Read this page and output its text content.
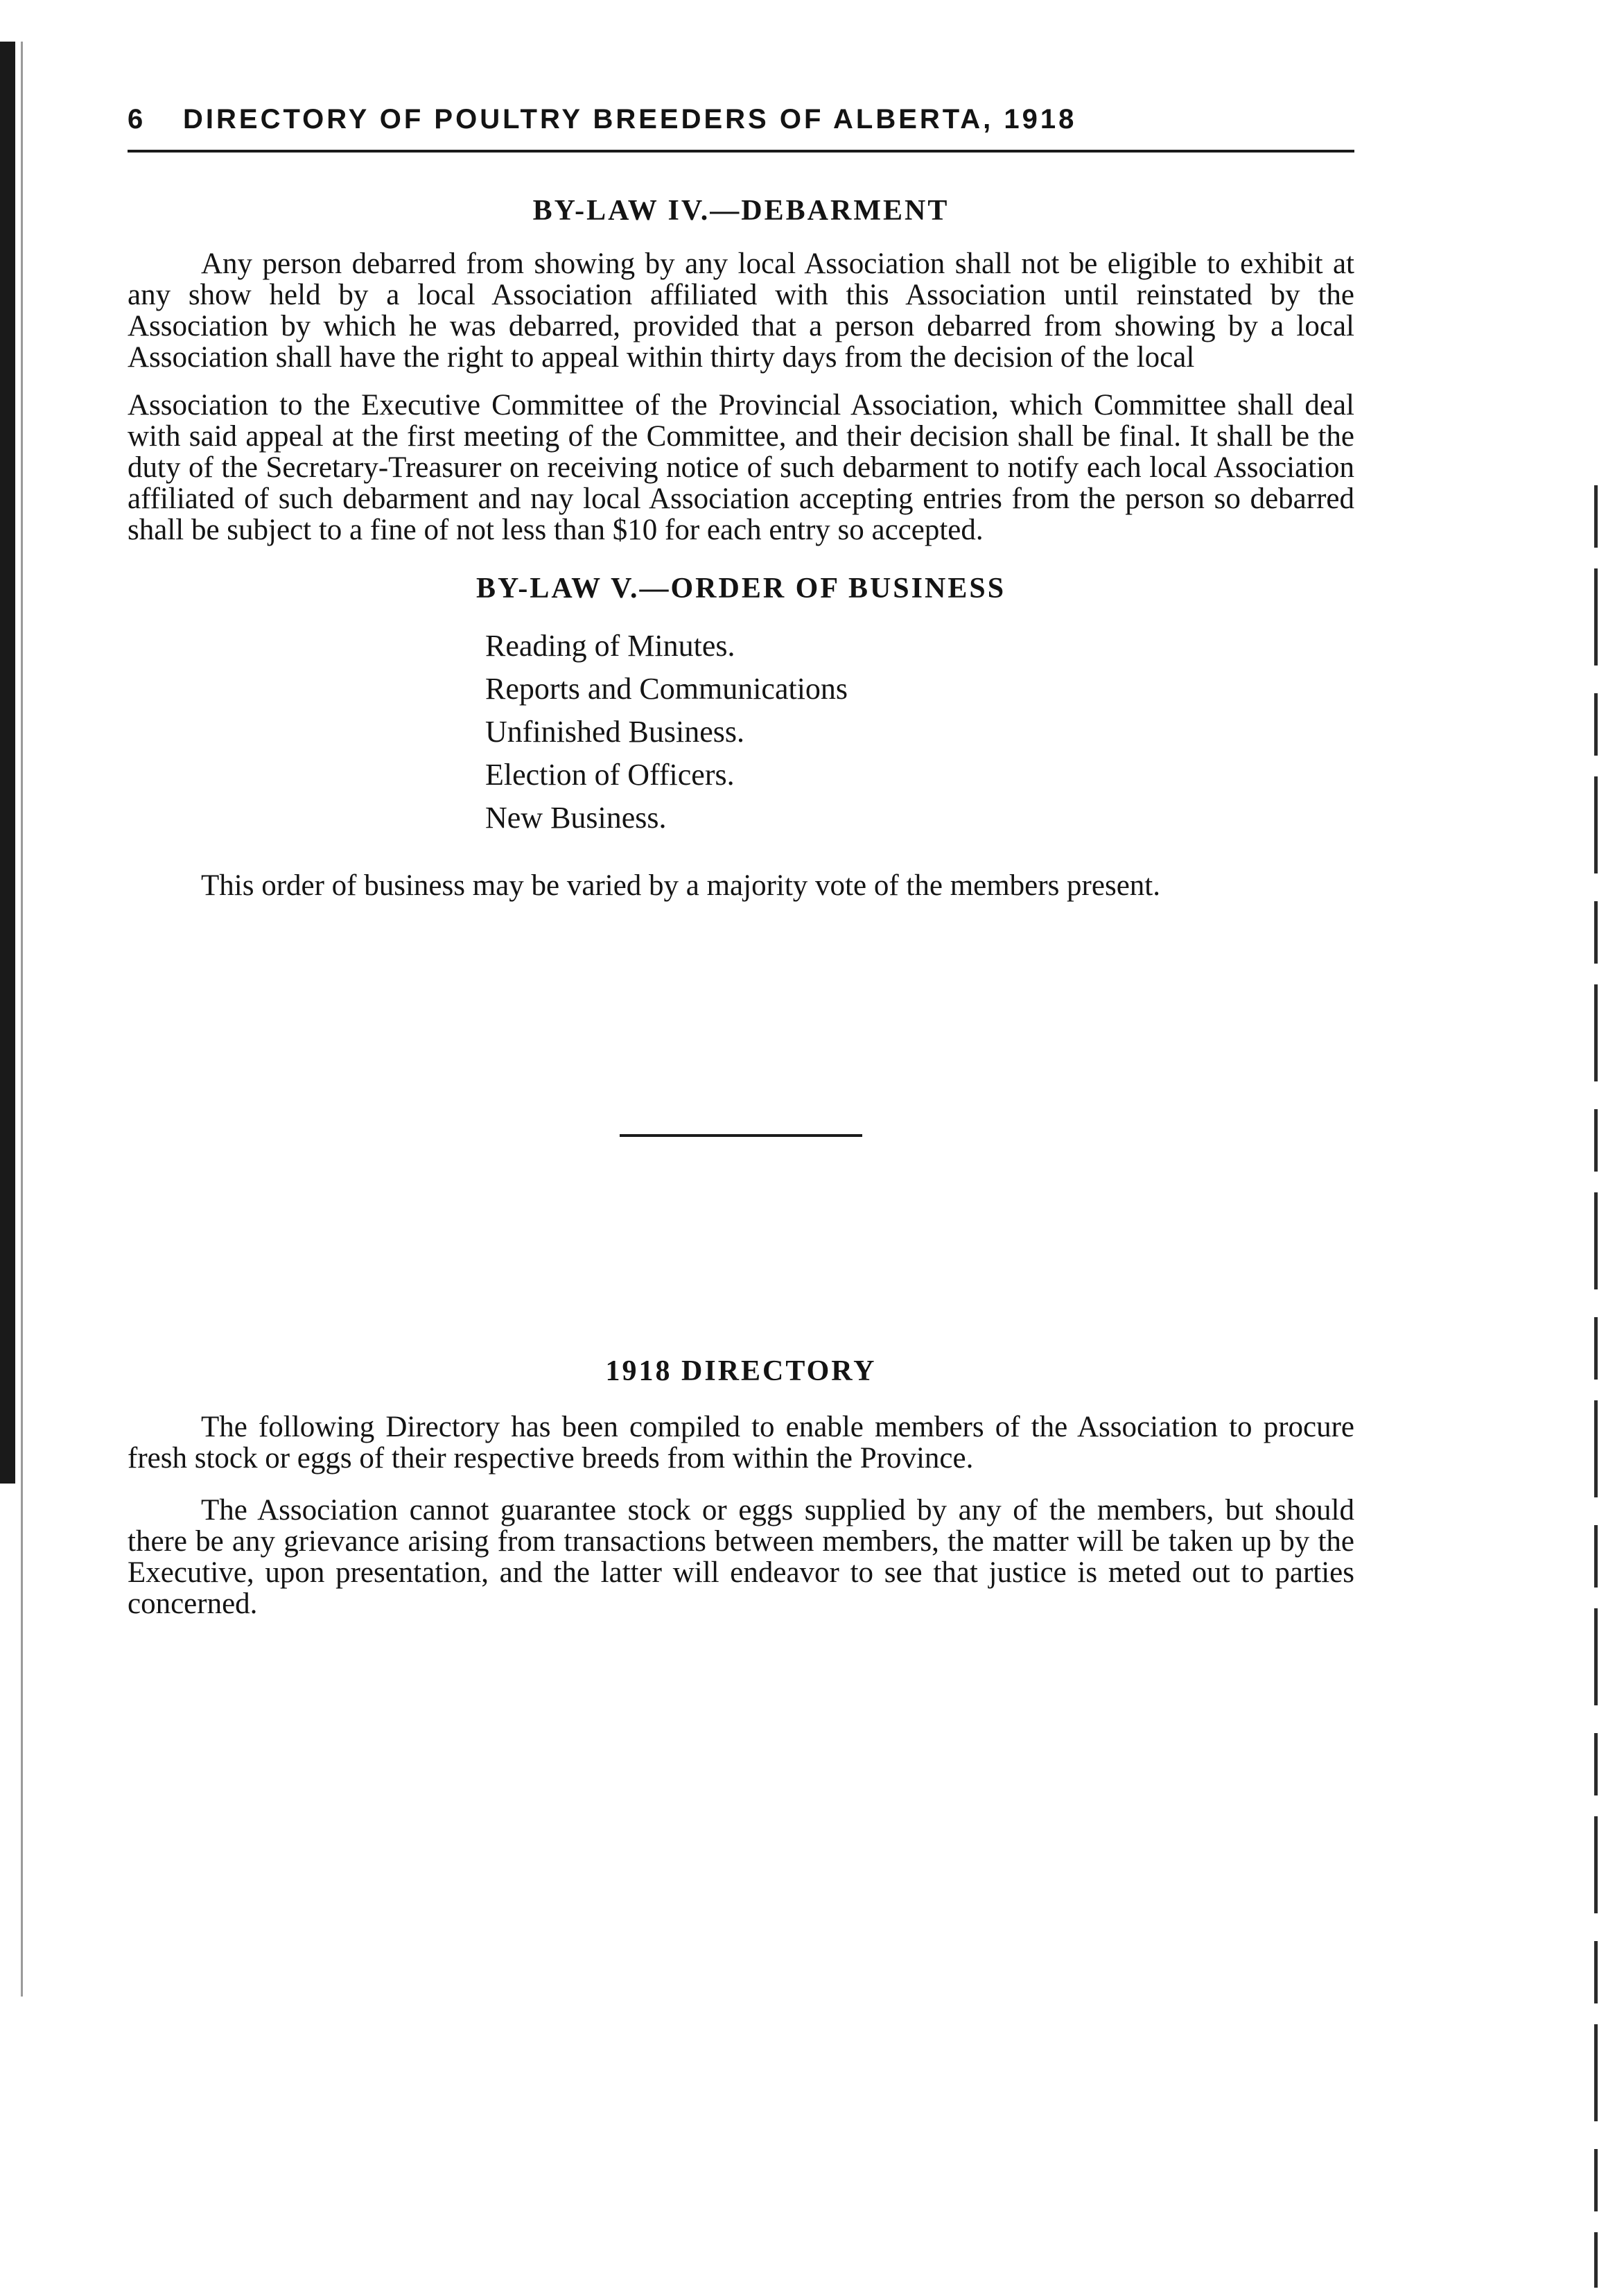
6	DIRECTORY OF POULTRY BREEDERS OF ALBERTA, 1918
BY-LAW IV.—DEBARMENT

Any person debarred from showing by any local Association shall not be eligible to exhibit at any show held by a local Association affiliated with this Association until reinstated by the Association by which he was debarred, provided that a person debarred from showing by a local Association shall have the right to appeal within thirty days from the decision of the local

Association to the Executive Committee of the Provincial Association, which Committee shall deal with said appeal at the first meeting of the Committee, and their decision shall be final. It shall be the duty of the Secretary-Treasurer on receiving notice of such debarment to notify each local Association affiliated of such debarment and nay local Association accepting entries from the person so debarred shall be subject to a fine of not less than $10 for each entry so accepted.

BY-LAW V.—ORDER OF BUSINESS
Reading of Minutes.
Reports and Communications
Unfinished Business.
Election of Officers.
New Business.

This order of business may be varied by a majority vote of the members present.

1918 DIRECTORY

The following Directory has been compiled to enable members of the Association to procure fresh stock or eggs of their respective breeds from within the Province.

The Association cannot guarantee stock or eggs supplied by any of the members, but should there be any grievance arising from transactions between members, the matter will be taken up by the Executive, upon presentation, and the latter will endeavor to see that justice is meted out to parties concerned.
